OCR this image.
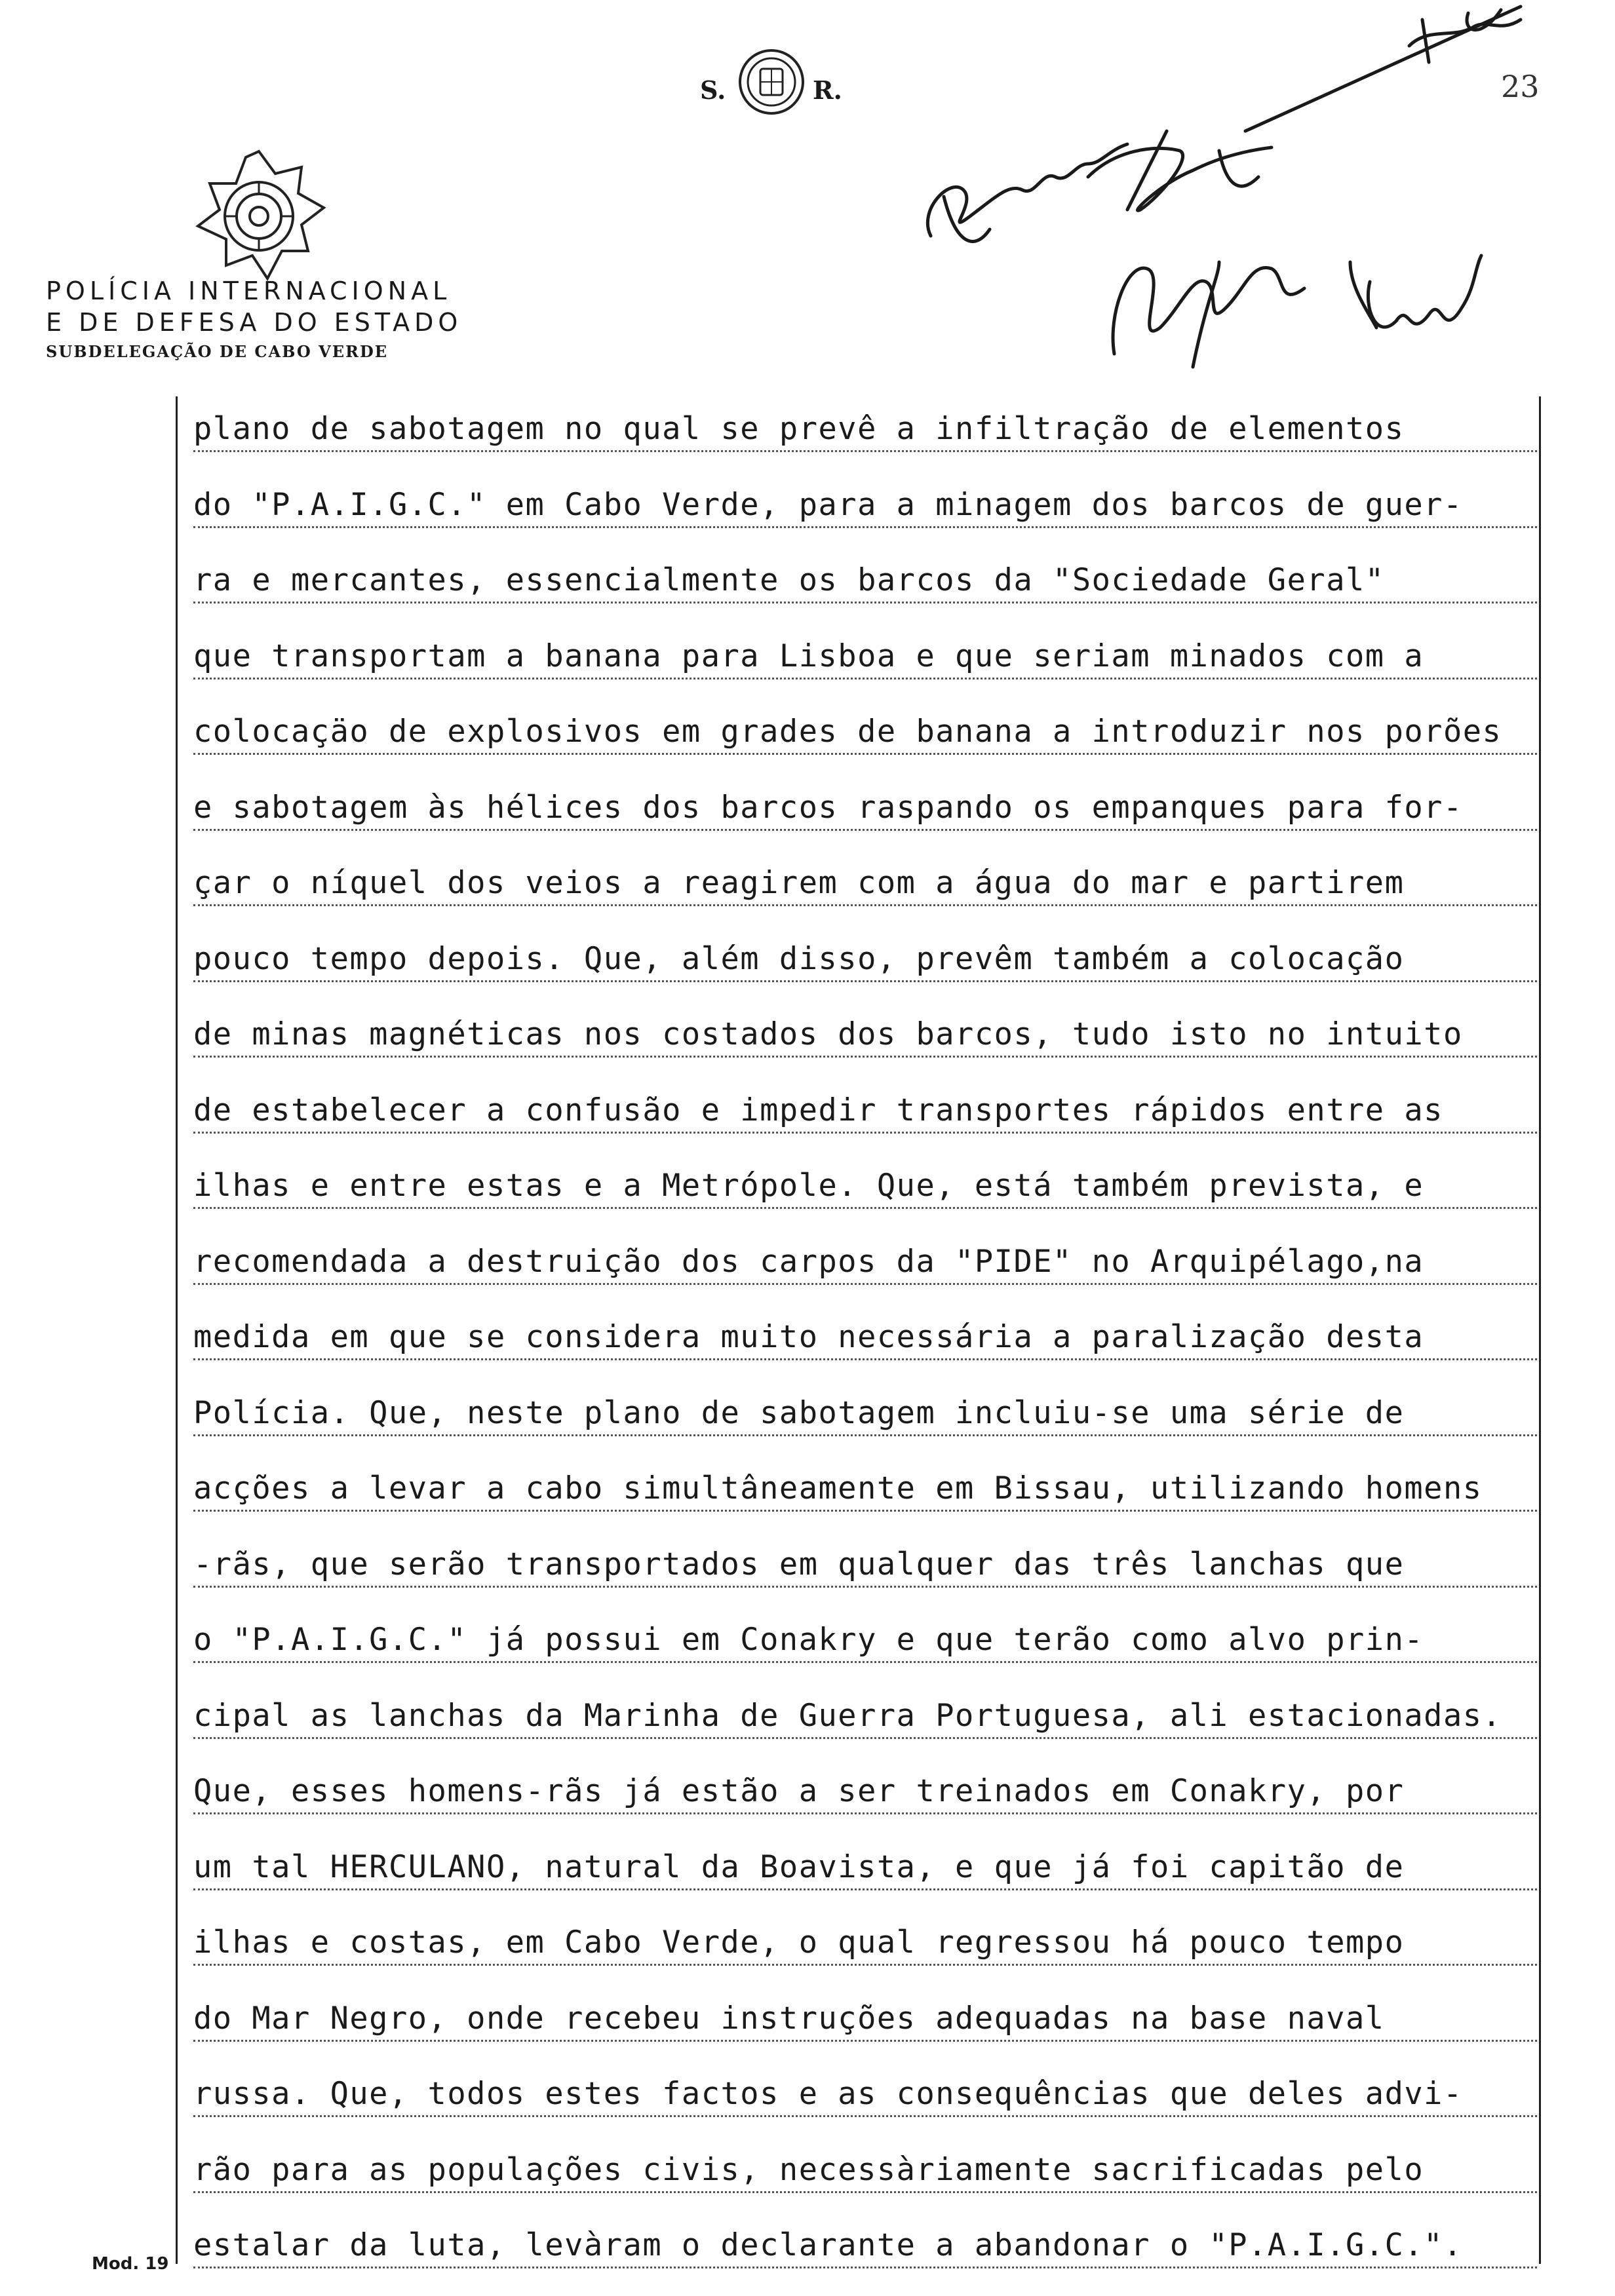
S.	R.
POLÍCIA INTERNACIONAL
E DE DEFESA DO ESTADO
SUBDELEGAÇÃO DE CABO VERDE
23
plano de sabotagem no qual se prevê a infiltração de elementos
do "P.A.I.G.C." em Cabo Verde, para a minagem dos barcos de guer-
ra e mercantes, essencialmente os barcos da "Sociedade Geral"
que transportam a banana para Lisboa e que seriam minados com a
colocaçäo de explosivos em grades de banana a introduzir nos porões
e sabotagem às hélices dos barcos raspando os empanques para for-
çar o níquel dos veios a reagirem com a água do mar e partirem
pouco tempo depois. Que, além disso, prevêm também a colocação
de minas magnéticas nos costados dos barcos, tudo isto no intuito
de estabelecer a confusão e impedir transportes rápidos entre as
ilhas e entre estas e a Metrópole. Que, está também prevista, e
recomendada a destruição dos carpos da "PIDE" no Arquipélago,na
medida em que se considera muito necessária a paralização desta
Polícia. Que, neste plano de sabotagem incluiu-se uma série de
acções a levar a cabo simultâneamente em Bissau, utilizando homens
-rãs, que serão transportados em qualquer das três lanchas que
o "P.A.I.G.C." já possui em Conakry e que terão como alvo prin-
cipal as lanchas da Marinha de Guerra Portuguesa, ali estacionadas.
Que, esses homens-rãs já estão a ser treinados em Conakry, por
um tal HERCULANO, natural da Boavista, e que já foi capitão de
ilhas e costas, em Cabo Verde, o qual regressou há pouco tempo
do Mar Negro, onde recebeu instruções adequadas na base naval
russa. Que, todos estes factos e as consequências que deles advi-
rão para as populações civis, necessàriamente sacrificadas pelo
estalar da luta, levàram o declarante a abandonar o "P.A.I.G.C.".
Mod. 19
